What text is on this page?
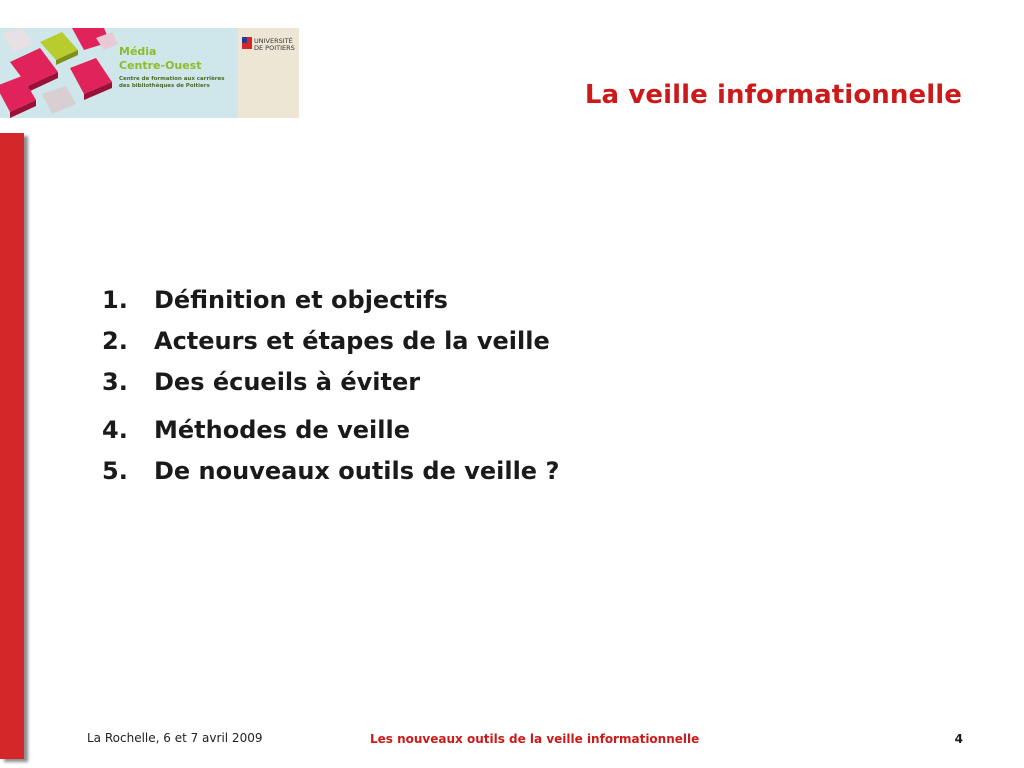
Média
Centre-Ouest
Centre de formation aux carrières
des bibliothèques de Poitiers
UNIVERSITÉ
DE POITIERS
La veille informationnelle
1.	Définition et objectifs
2.	Acteurs et étapes de la veille
3.	Des écueils à éviter
4.	Méthodes de veille
5.	De nouveaux outils de veille ?
La Rochelle, 6 et 7 avril 2009	Les nouveaux outils de la veille informationnelle	4
